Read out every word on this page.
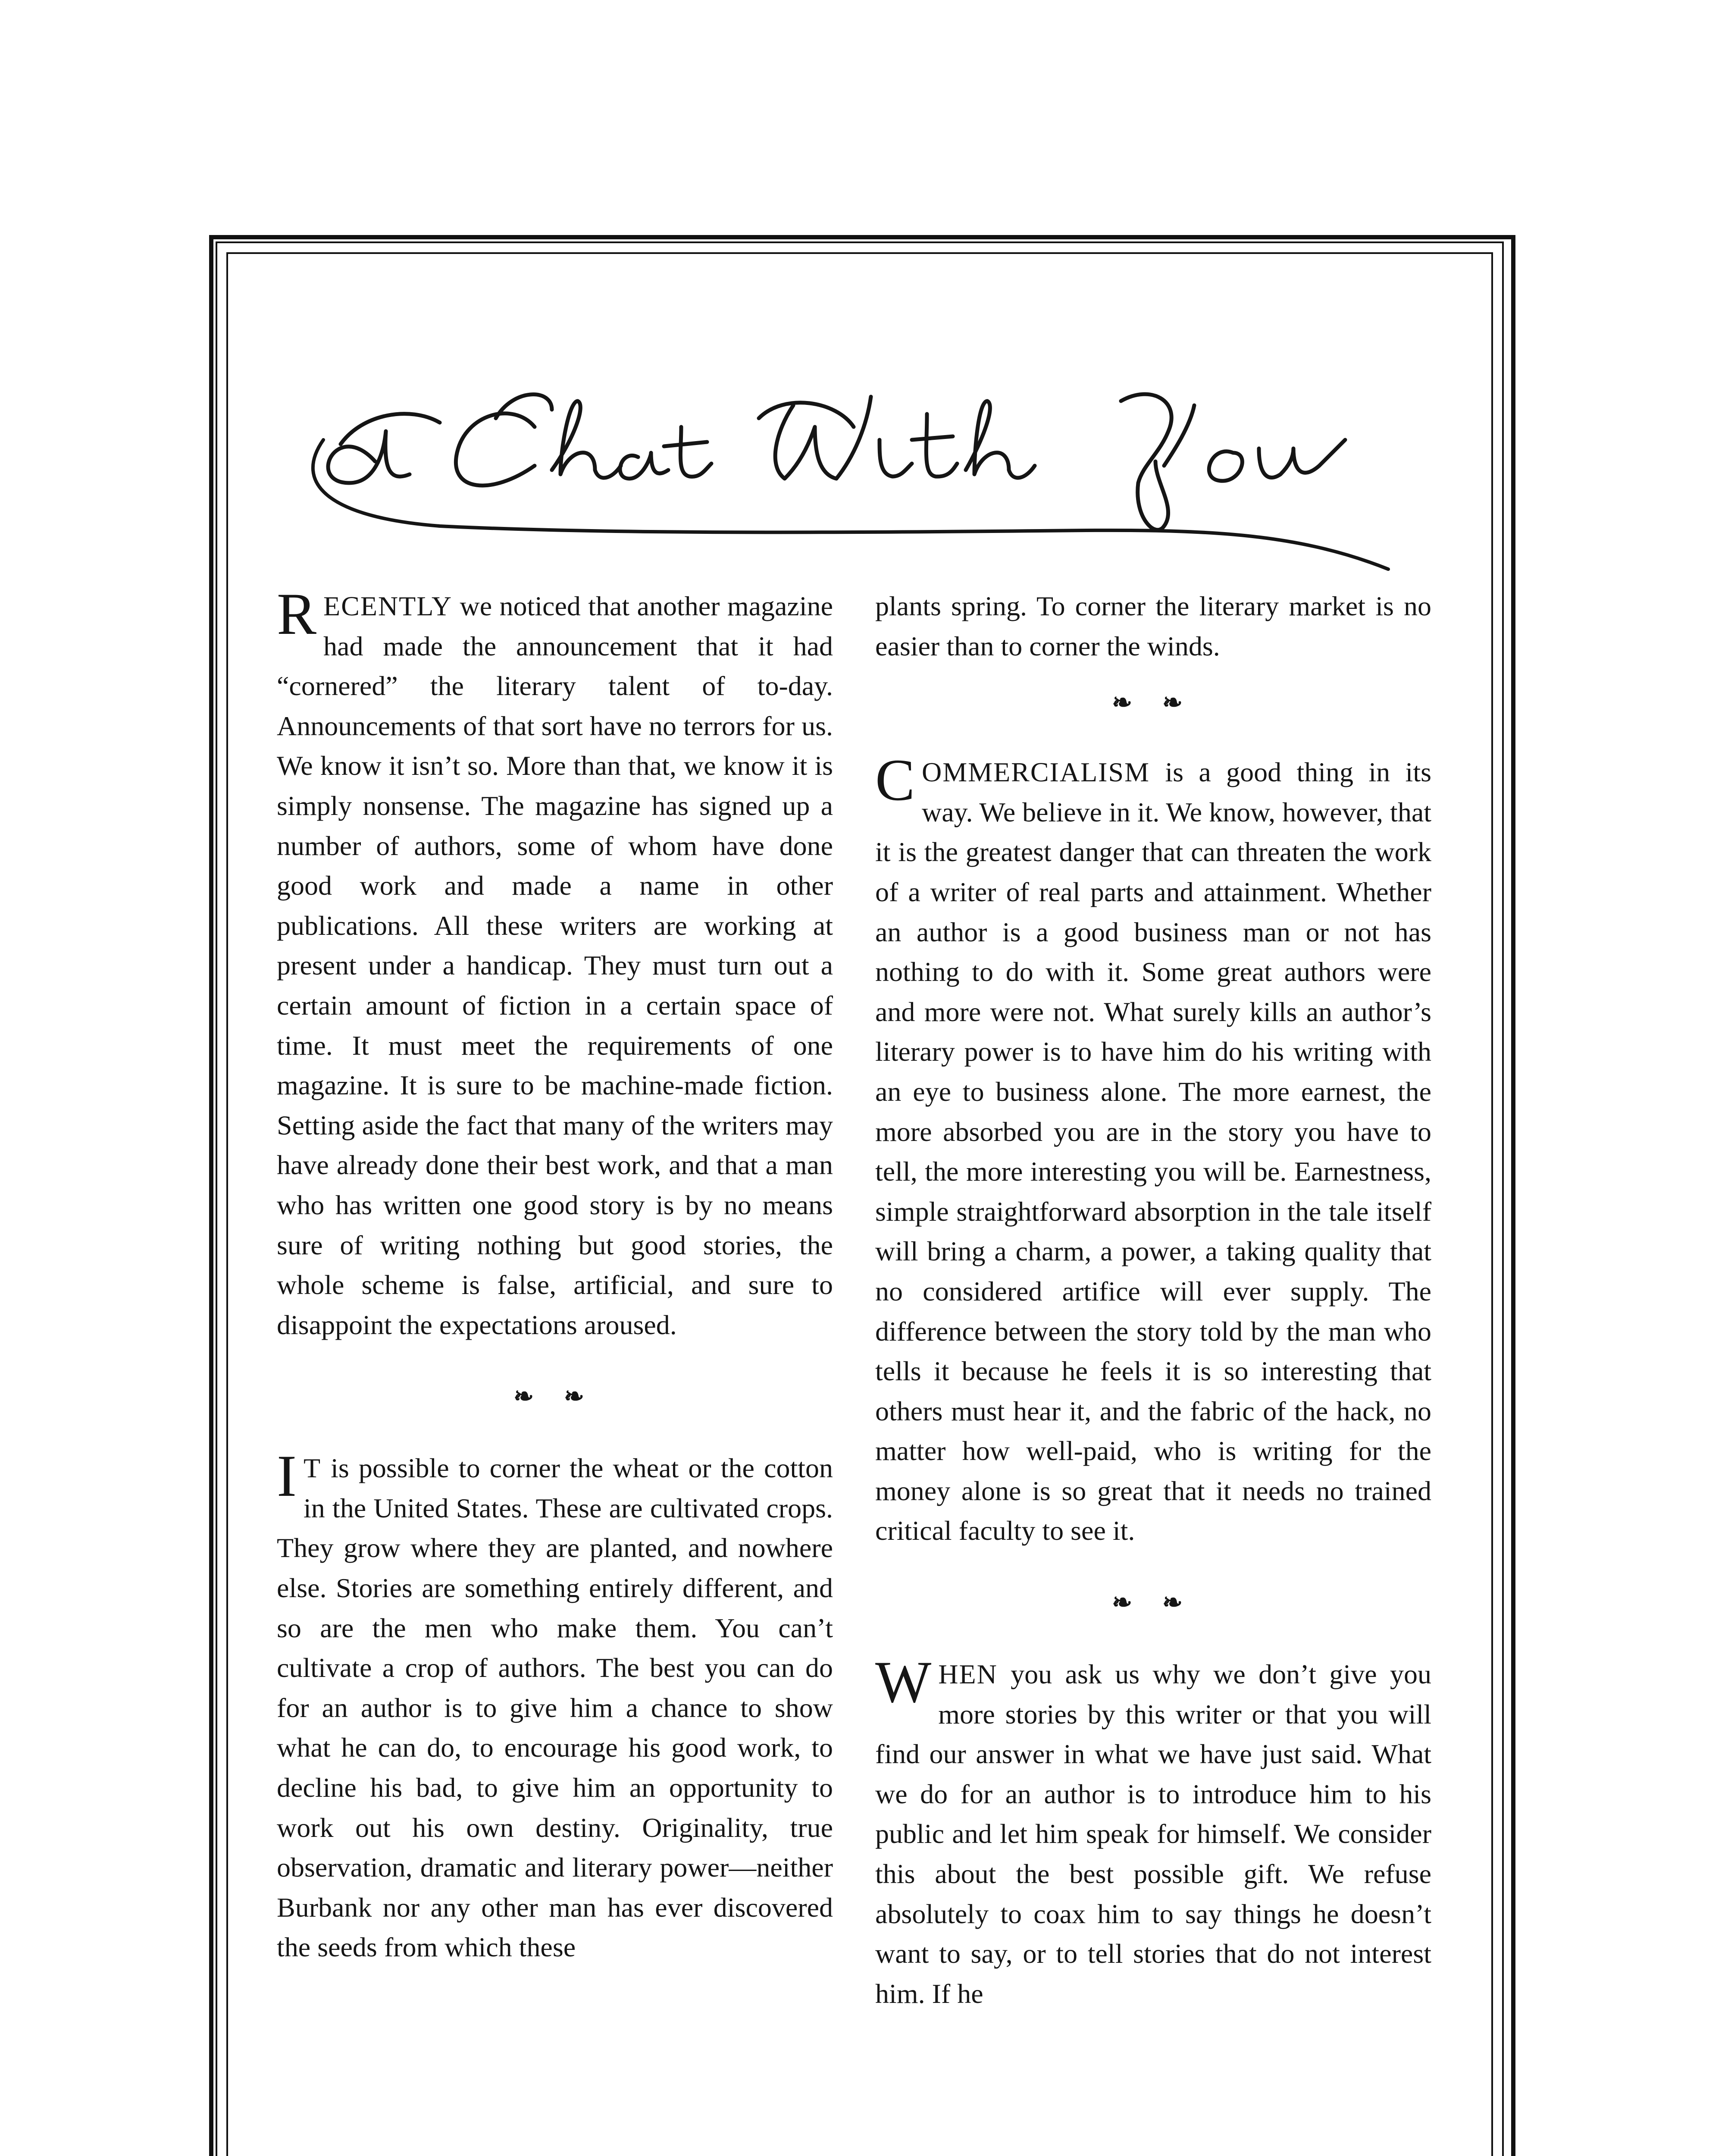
RECENTLY we noticed that another magazine had made the announcement that it had “cornered” the literary talent of to-day. Announcements of that sort have no terrors for us. We know it isn’t so. More than that, we know it is simply nonsense. The magazine has signed up a number of authors, some of whom have done good work and made a name in other publications. All these writers are working at present under a handicap. They must turn out a certain amount of fiction in a certain space of time. It must meet the requirements of one magazine. It is sure to be machine-made fiction. Setting aside the fact that many of the writers may have already done their best work, and that a man who has written one good story is by no means sure of writing nothing but good stories, the whole scheme is false, artificial, and sure to disappoint the expectations aroused.

❧ ❧

I T is possible to corner the wheat or the cotton in the United States. These are cultivated crops. They grow where they are planted, and nowhere else. Stories are something entirely different, and so are the men who make them. You can’t cultivate a crop of authors. The best you can do for an author is to give him a chance to show what he can do, to encourage his good work, to decline his bad, to give him an opportunity to work out his own destiny. Originality, true observation, dramatic and literary power—neither Burbank nor any other man has ever discovered the seeds from which these

plants spring. To corner the literary market is no easier than to corner the winds.

❧ ❧

COMMERCIALISM is a good thing in its way. We believe in it. We know, however, that it is the greatest danger that can threaten the work of a writer of real parts and attainment. Whether an author is a good business man or not has nothing to do with it. Some great authors were and more were not. What surely kills an author’s literary power is to have him do his writing with an eye to business alone. The more earnest, the more absorbed you are in the story you have to tell, the more interesting you will be. Earnestness, simple straightforward absorption in the tale itself will bring a charm, a power, a taking quality that no considered artifice will ever supply. The difference between the story told by the man who tells it because he feels it is so interesting that others must hear it, and the fabric of the hack, no matter how well-paid, who is writing for the money alone is so great that it needs no trained critical faculty to see it.

❧ ❧

WHEN you ask us why we don’t give you more stories by this writer or that you will find our answer in what we have just said. What we do for an author is to introduce him to his public and let him speak for himself. We consider this about the best possible gift. We refuse absolutely to coax him to say things he doesn’t want to say, or to tell stories that do not interest him. If he
